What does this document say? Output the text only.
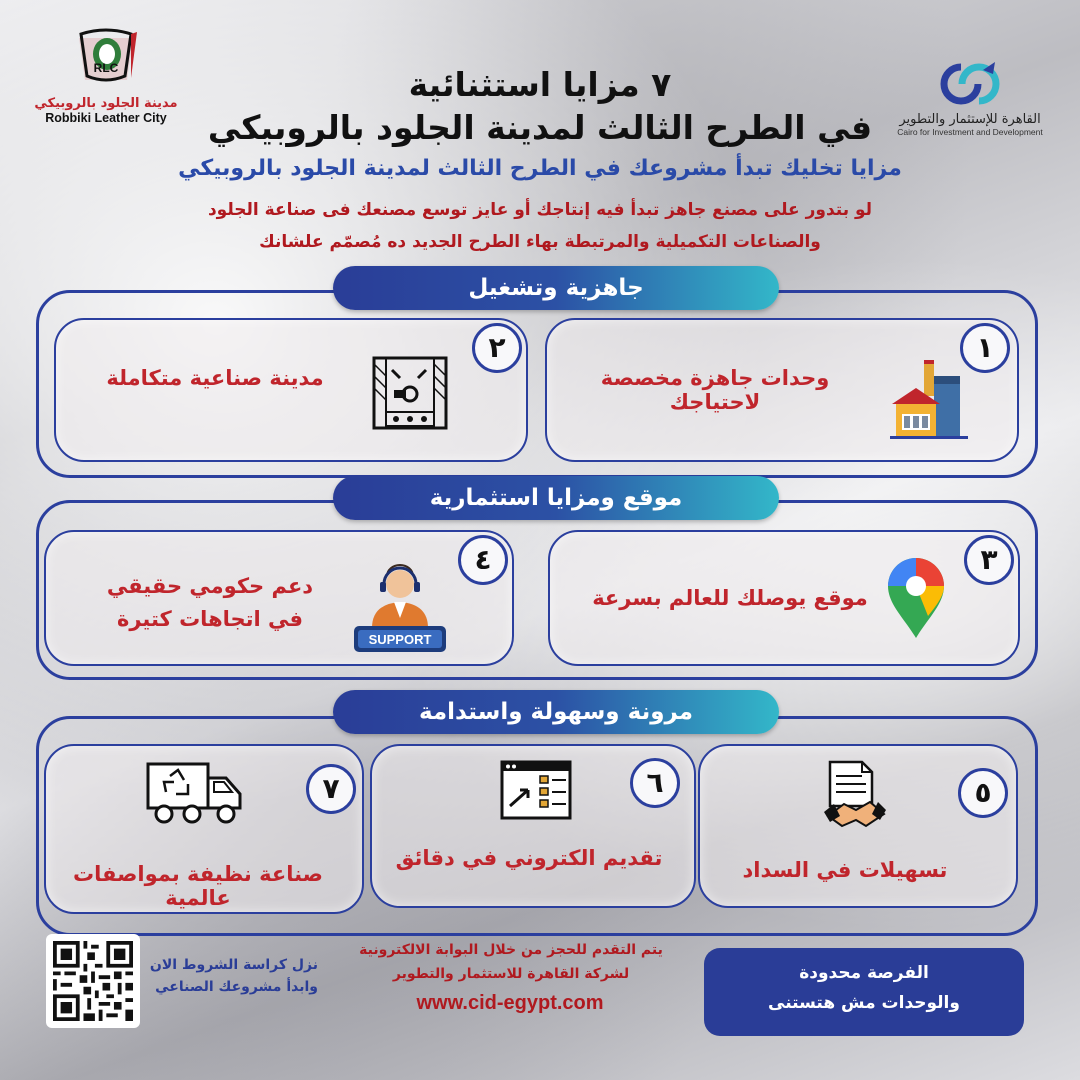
RLC
مدينة الجلود بالروبيكي
Robbiki Leather City	القاهرة للإستثمار والتطوير
Cairo for Investment and Development
٧ مزايا استثنائية
في الطرح الثالث لمدينة الجلود بالروبيكي
مزايا تخليك تبدأ مشروعك في الطرح الثالث لمدينة الجلود بالروبيكي
لو بتدور على مصنع جاهز تبدأ فيه إنتاجك أو عايز توسع مصنعك فى صناعة الجلود
والصناعات التكميلية والمرتبطة بهاء الطرح الجديد ده مُصمّم علشانك
جاهزية وتشغيل
١
وحدات جاهزة مخصصة لاحتياجك
٢
مدينة صناعية متكاملة
موقع ومزايا استثمارية
٣
موقع يوصلك للعالم بسرعة
٤
دعم حكومي حقيقي
في اتجاهات كتيرة
SUPPORT
مرونة وسهولة واستدامة
٥
تسهيلات في السداد
٦
تقديم الكتروني في دقائق
٧
صناعة نظيفة بمواصفات عالمية
نزل كراسة الشروط الان
وابدأ مشروعك الصناعي
يتم التقدم للحجز من خلال البوابة الالكترونية
لشركة القاهرة للاستثمار والتطوير
www.cid-egypt.com
الفرصة محدودة
والوحدات مش هتستنى
